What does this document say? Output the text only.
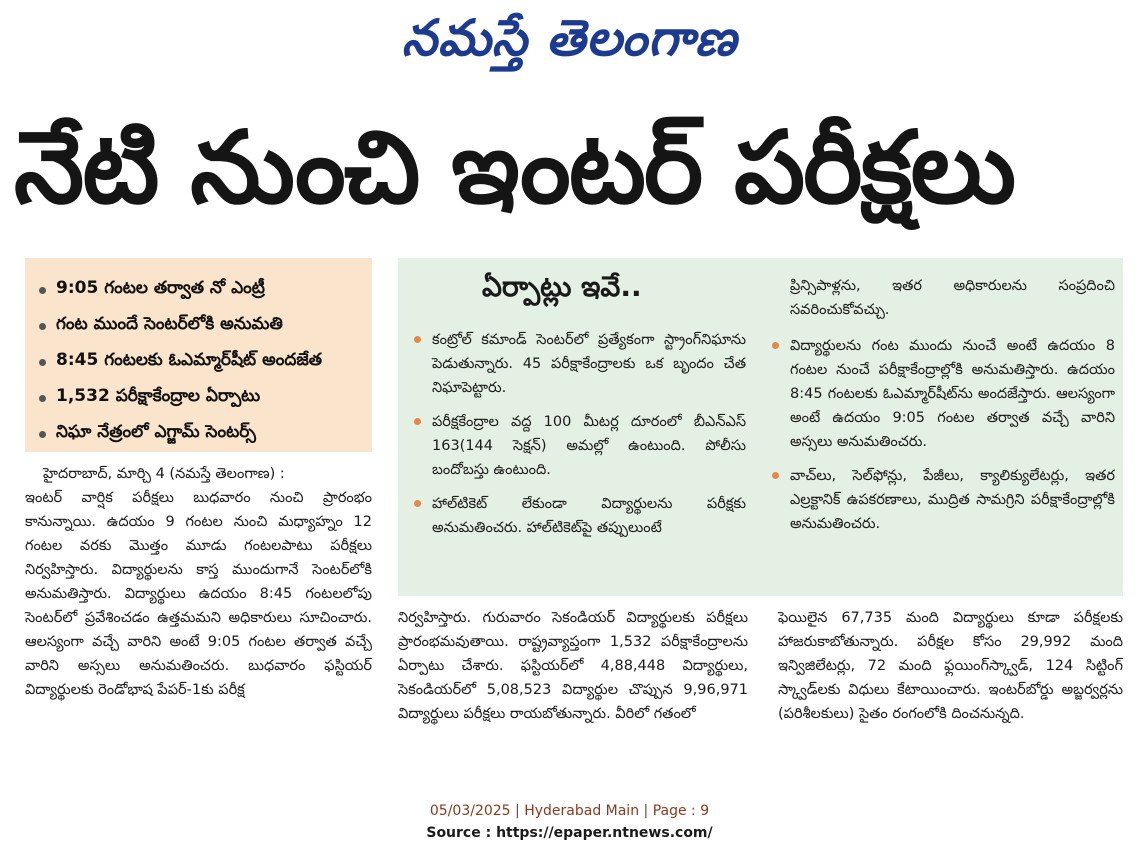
నమస్తే తెలంగాణ
నేటి నుంచి ఇంటర్ పరీక్షలు
9:05 గంటల తర్వాత నో ఎంట్రీ
గంట ముందే సెంటర్‌లోకి అనుమతి
8:45 గంటలకు ఓఎమ్మార్‌షీట్ అందజేత
1,532 పరీక్షాకేంద్రాల ఏర్పాటు
నిఘా నేత్రంలో ఎగ్జామ్ సెంటర్స్
ఏర్పాట్లు ఇవే..
కంట్రోల్ కమాండ్ సెంటర్‌లో ప్రత్యేకంగా స్ట్రాంగ్‌నిఘాను పెడుతున్నారు. 45 పరీక్షాకేంద్రాలకు ఒక బృందం చేత నిఘాపెట్టారు.
పరీక్షకేంద్రాల వద్ద 100 మీటర్ల దూరంలో బీఎన్‌ఎస్ 163(144 సెక్షన్) అమల్లో ఉంటుంది. పోలీసు బందోబస్తు ఉంటుంది.
హాల్‌టికెట్ లేకుండా విద్యార్థులను పరీక్షకు అనుమతించరు. హాల్‌టికెట్‌పై తప్పులుంటే

ప్రిన్సిపాళ్లను, ఇతర అధికారులను సంప్రదించి సవరించుకోవచ్చు.

విద్యార్థులను గంట ముందు నుంచే అంటే ఉదయం 8 గంటల నుంచే పరీక్షాకేంద్రాల్లోకి అనుమతిస్తారు. ఉదయం 8:45 గంటలకు ఓఎమ్మార్‌షీట్‌ను అందజేస్తారు. ఆలస్యంగా అంటే ఉదయం 9:05 గంటల తర్వాత వచ్చే వారిని అస్సలు అనుమతించరు.
వాచ్‌లు, సెల్‌ఫోన్లు, పేజీలు, క్యాలిక్యులేటర్లు, ఇతర ఎల్రక్టానిక్ ఉపకరణాలు, ముద్రిత సామగ్రిని పరీక్షాకేంద్రాల్లోకి అనుమతించరు.
హైదరాబాద్, మార్చి 4 (నమస్తే తెలంగాణ) :
ఇంటర్ వార్షిక పరీక్షలు బుధవారం నుంచి ప్రారంభం కానున్నాయి. ఉదయం 9 గంటల నుంచి మధ్యాహ్నం 12 గంటల వరకు మొత్తం మూడు గంటలపాటు పరీక్షలు నిర్వహిస్తారు. విద్యార్థులను కాస్త ముందుగానే సెంటర్‌లోకి అనుమతిస్తారు. విద్యార్థులు ఉదయం 8:45 గంటలలోపు సెంటర్‌లో ప్రవేశించడం ఉత్తమమని అధికారులు సూచించారు. ఆలస్యంగా వచ్చే వారిని అంటే 9:05 గంటల తర్వాత వచ్చే వారిని అస్సలు అనుమతించరు. బుధవారం ఫస్టియర్ విద్యార్థులకు రెండోభాష పేపర్-1కు పరీక్ష
నిర్వహిస్తారు. గురువారం సెకండియర్ విద్యార్థులకు పరీక్షలు ప్రారంభమవుతాయి. రాష్ట్రవ్యాప్తంగా 1,532 పరీక్షాకేంద్రాలను ఏర్పాటు చేశారు. ఫస్టియర్‌లో 4,88,448 విద్యార్థులు, సెకండియర్‌లో 5,08,523 విద్యార్థుల చొప్పున 9,96,971 విద్యార్థులు పరీక్షలు రాయబోతున్నారు. వీరిలో గతంలో
ఫెయిలైన 67,735 మంది విద్యార్థులు కూడా పరీక్షలకు హాజరుకాబోతున్నారు. పరీక్షల కోసం 29,992 మంది ఇన్విజిలేటర్లు, 72 మంది ఫ్లయింగ్‌స్క్వాడ్, 124 సిట్టింగ్ స్క్వాడ్‌లకు విధులు కేటాయించారు. ఇంటర్‌బోర్డు అబ్జర్వర్లను (పరిశీలకులు) సైతం రంగంలోకి దించనున్నది.
05/03/2025 | Hyderabad Main | Page : 9
Source : https://epaper.ntnews.com/
